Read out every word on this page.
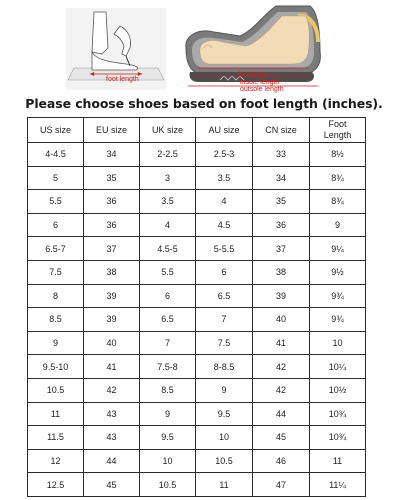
foot length
foot length
insole length
outsole length
Please choose shoes based on foot length (inches).
US size	EU size	UK size	AU size	CN size	Foot
Length
4-4.5	34	2-2.5	2.5-3	33	8½
5	35	3	3.5	34	8¾
5.5	36	3.5	4	35	8¾
6	36	4	4.5	36	9
6.5-7	37	4.5-5	5-5.5	37	9¼
7.5	38	5.5	6	38	9½
8	39	6	6.5	39	9¾
8.5	39	6.5	7	40	9¾
9	40	7	7.5	41	10
9.5-10	41	7.5-8	8-8.5	42	10¼
10.5	42	8.5	9	42	10½
11	43	9	9.5	44	10¾
11.5	43	9.5	10	45	10¾
12	44	10	10.5	46	11
12.5	45	10.5	11	47	11¼
